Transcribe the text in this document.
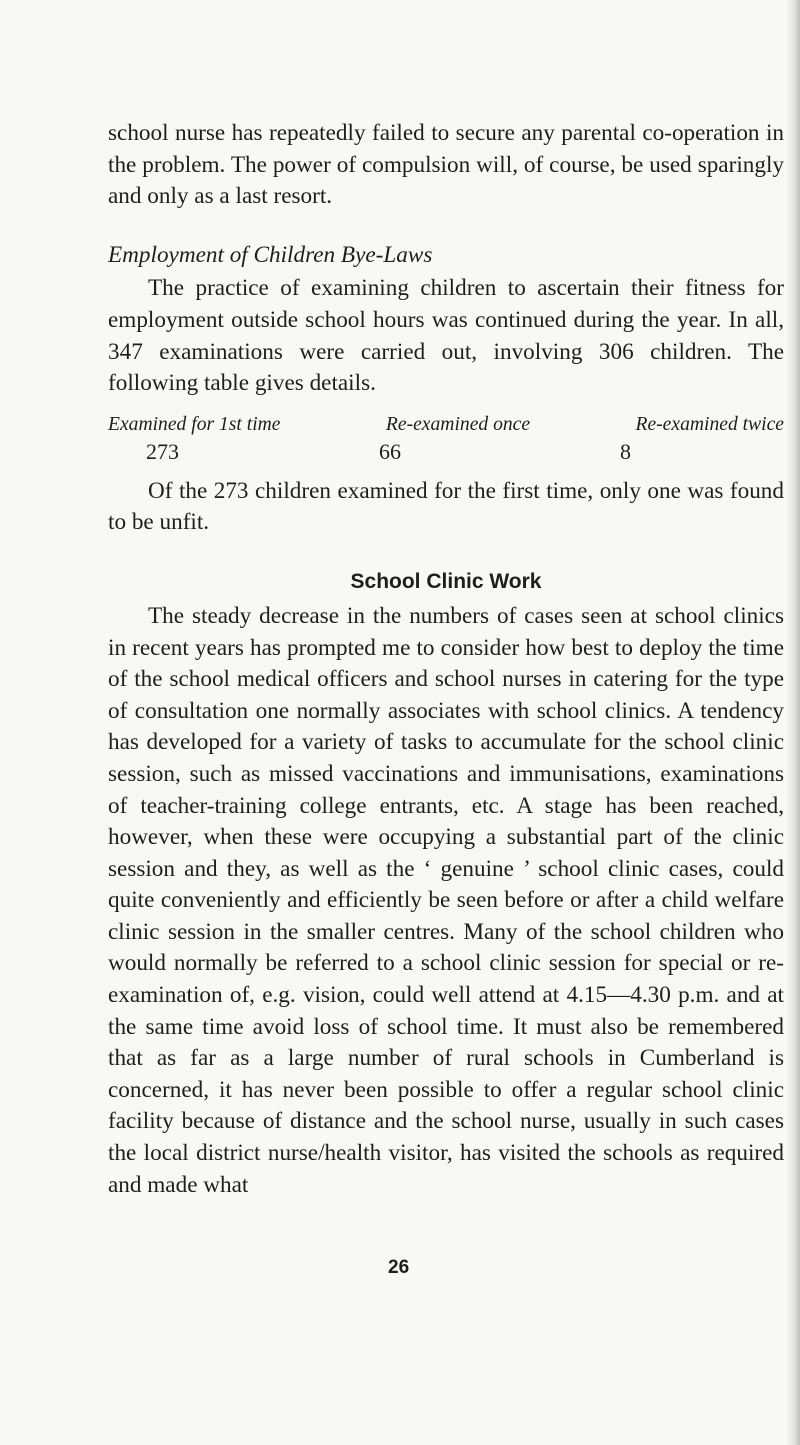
school nurse has repeatedly failed to secure any parental co-operation in the problem. The power of compulsion will, of course, be used sparingly and only as a last resort.

Employment of Children Bye-Laws

The practice of examining children to ascertain their fitness for employment outside school hours was continued during the year. In all, 347 examinations were carried out, involving 306 children. The following table gives details.

Examined for 1st time	Re-examined once	Re-examined twice
273	66	8

Of the 273 children examined for the first time, only one was found to be unfit.

School Clinic Work

The steady decrease in the numbers of cases seen at school clinics in recent years has prompted me to consider how best to deploy the time of the school medical officers and school nurses in catering for the type of consultation one normally associates with school clinics. A tendency has developed for a variety of tasks to accumulate for the school clinic session, such as missed vaccinations and immunisations, examinations of teacher-training college entrants, etc. A stage has been reached, however, when these were occupying a substantial part of the clinic session and they, as well as the ‘ genuine ’ school clinic cases, could quite conveniently and efficiently be seen before or after a child welfare clinic session in the smaller centres. Many of the school children who would normally be referred to a school clinic session for special or re-examination of, e.g. vision, could well attend at 4.15—4.30 p.m. and at the same time avoid loss of school time. It must also be remembered that as far as a large number of rural schools in Cumberland is concerned, it has never been possible to offer a regular school clinic facility because of distance and the school nurse, usually in such cases the local district nurse/health visitor, has visited the schools as required and made what

26
